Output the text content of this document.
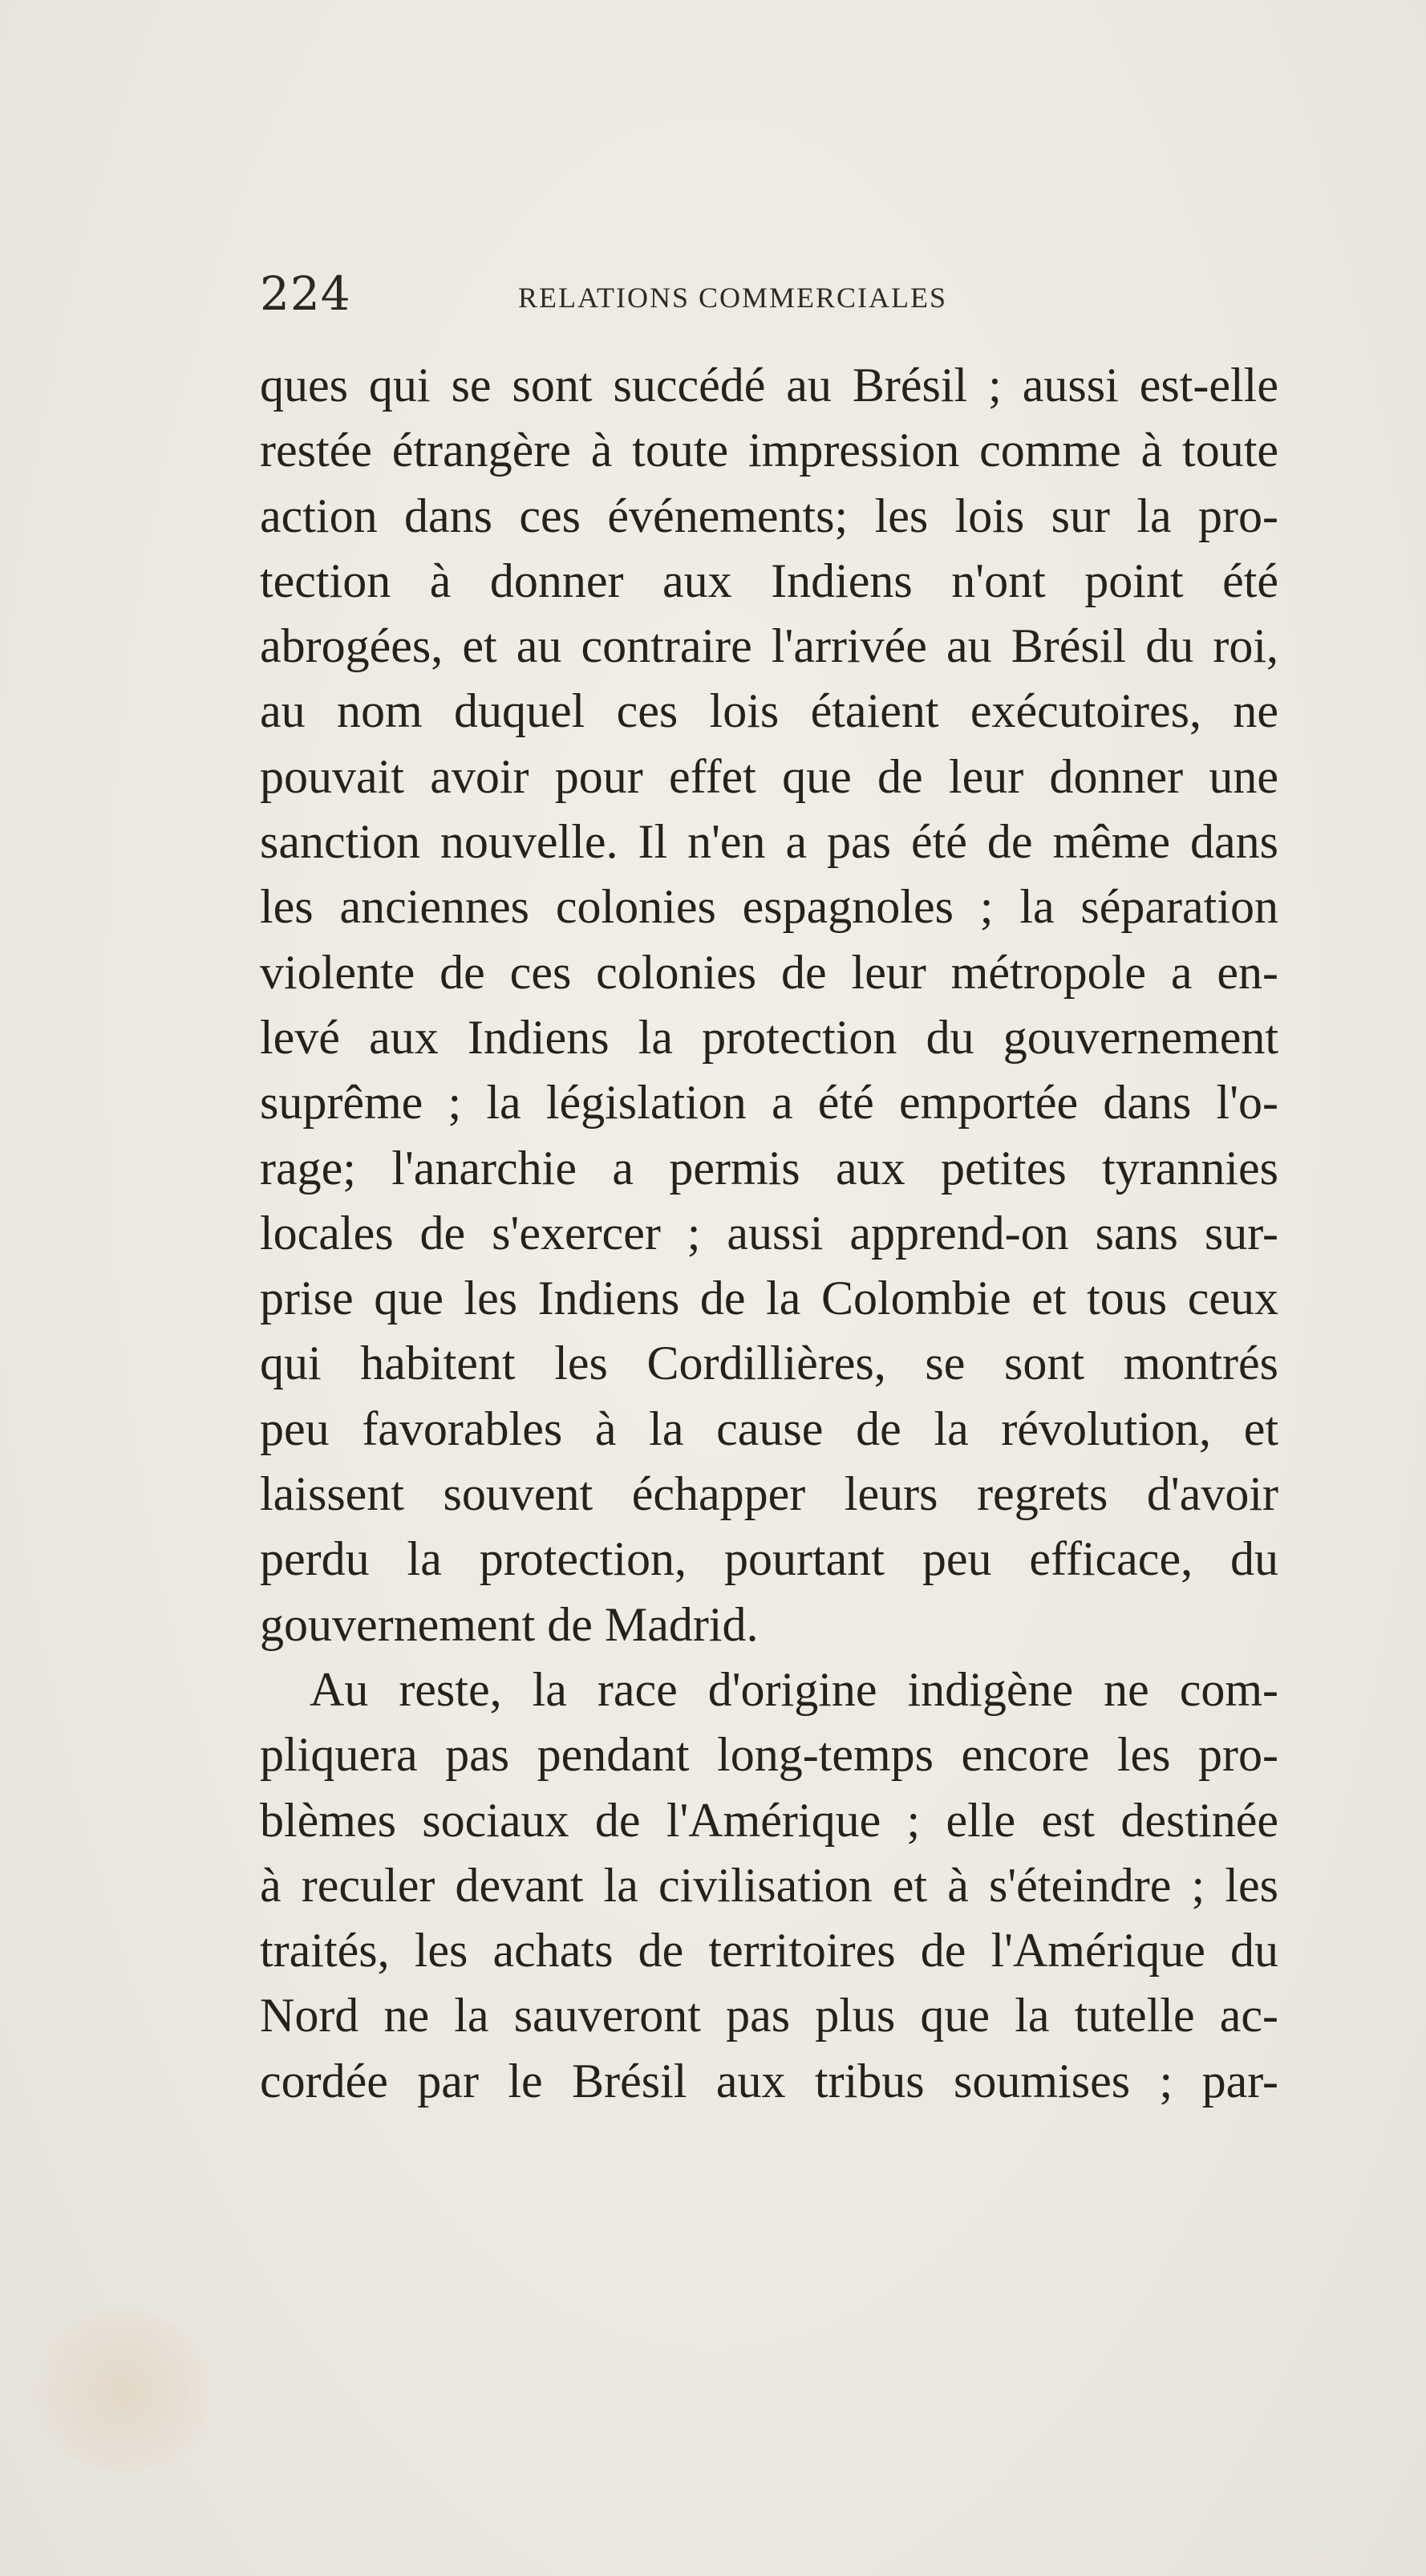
224	RELATIONS COMMERCIALES
ques qui se sont succédé au Brésil ; aussi est-elle
restée étrangère à toute impression comme à toute
action dans ces événements; les lois sur la pro-
tection à donner aux Indiens n'ont point été
abrogées, et au contraire l'arrivée au Brésil du roi,
au nom duquel ces lois étaient exécutoires, ne
pouvait avoir pour effet que de leur donner une
sanction nouvelle. Il n'en a pas été de même dans
les anciennes colonies espagnoles ; la séparation
violente de ces colonies de leur métropole a en-
levé aux Indiens la protection du gouvernement
suprême ; la législation a été emportée dans l'o-
rage; l'anarchie a permis aux petites tyrannies
locales de s'exercer ; aussi apprend-on sans sur-
prise que les Indiens de la Colombie et tous ceux
qui habitent les Cordillières, se sont montrés
peu favorables à la cause de la révolution, et
laissent souvent échapper leurs regrets d'avoir
perdu la protection, pourtant peu efficace, du
gouvernement de Madrid.
Au reste, la race d'origine indigène ne com-
pliquera pas pendant long-temps encore les pro-
blèmes sociaux de l'Amérique ; elle est destinée
à reculer devant la civilisation et à s'éteindre ; les
traités, les achats de territoires de l'Amérique du
Nord ne la sauveront pas plus que la tutelle ac-
cordée par le Brésil aux tribus soumises ; par-
